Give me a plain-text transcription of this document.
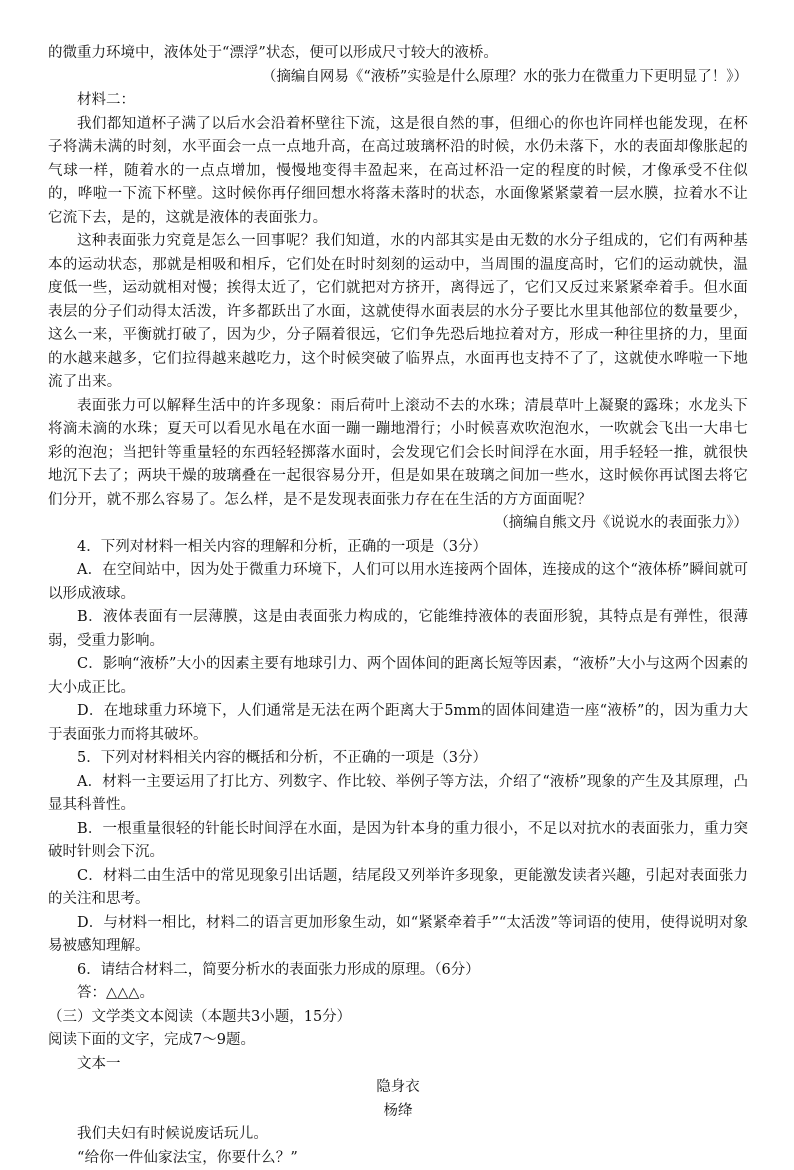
的微重力环境中，液体处于“漂浮”状态，便可以形成尺寸较大的液桥。

（摘编自网易《“液桥”实验是什么原理？水的张力在微重力下更明显了！》）

材料二：

我们都知道杯子满了以后水会沿着杯壁往下流，这是很自然的事，但细心的你也许同样也能发现，在杯子将满未满的时刻，水平面会一点一点地升高，在高过玻璃杯沿的时候，水仍未落下，水的表面却像胀起的气球一样，随着水的一点点增加，慢慢地变得丰盈起来，在高过杯沿一定的程度的时候，才像承受不住似的，哗啦一下流下杯壁。这时候你再仔细回想水将落未落时的状态，水面像紧紧蒙着一层水膜，拉着水不让它流下去，是的，这就是液体的表面张力。

这种表面张力究竟是怎么一回事呢？我们知道，水的内部其实是由无数的水分子组成的，它们有两种基本的运动状态，那就是相吸和相斥，它们处在时时刻刻的运动中，当周围的温度高时，它们的运动就快，温度低一些，运动就相对慢；挨得太近了，它们就把对方挤开，离得远了，它们又反过来紧紧牵着手。但水面表层的分子们动得太活泼，许多都跃出了水面，这就使得水面表层的水分子要比水里其他部位的数量要少，这么一来，平衡就打破了，因为少，分子隔着很远，它们争先恐后地拉着对方，形成一种往里挤的力，里面的水越来越多，它们拉得越来越吃力，这个时候突破了临界点，水面再也支持不了了，这就使水哗啦一下地流了出来。

表面张力可以解释生活中的许多现象：雨后荷叶上滚动不去的水珠；清晨草叶上凝聚的露珠；水龙头下将滴未滴的水珠；夏天可以看见水黾在水面一蹦一蹦地滑行；小时候喜欢吹泡泡水，一吹就会飞出一大串七彩的泡泡；当把针等重量轻的东西轻轻掷落水面时，会发现它们会长时间浮在水面，用手轻轻一推，就很快地沉下去了；两块干燥的玻璃叠在一起很容易分开，但是如果在玻璃之间加一些水，这时候你再试图去将它们分开，就不那么容易了。怎么样，是不是发现表面张力存在在生活的方方面面呢？

（摘编自熊文丹《说说水的表面张力》）

4．下列对材料一相关内容的理解和分析，正确的一项是（3分）

A．在空间站中，因为处于微重力环境下，人们可以用水连接两个固体，连接成的这个“液体桥”瞬间就可以形成液球。

B．液体表面有一层薄膜，这是由表面张力构成的，它能维持液体的表面形貌，其特点是有弹性，很薄弱，受重力影响。

C．影响“液桥”大小的因素主要有地球引力、两个固体间的距离长短等因素，“液桥”大小与这两个因素的大小成正比。

D．在地球重力环境下，人们通常是无法在两个距离大于5mm的固体间建造一座“液桥”的，因为重力大于表面张力而将其破坏。

5．下列对材料相关内容的概括和分析，不正确的一项是（3分）

A．材料一主要运用了打比方、列数字、作比较、举例子等方法，介绍了“液桥”现象的产生及其原理，凸显其科普性。

B．一根重量很轻的针能长时间浮在水面，是因为针本身的重力很小，不足以对抗水的表面张力，重力突破时针则会下沉。

C．材料二由生活中的常见现象引出话题，结尾段又列举许多现象，更能激发读者兴趣，引起对表面张力的关注和思考。

D．与材料一相比，材料二的语言更加形象生动，如“紧紧牵着手”“太活泼”等词语的使用，使得说明对象易被感知理解。

6．请结合材料二，简要分析水的表面张力形成的原理。（6分）

答：△△△。

（三）文学类文本阅读（本题共3小题，15分）

阅读下面的文字，完成7～9题。

文本一

隐身衣

杨绛

我们夫妇有时候说废话玩儿。

“给你一件仙家法宝，你要什么？”
